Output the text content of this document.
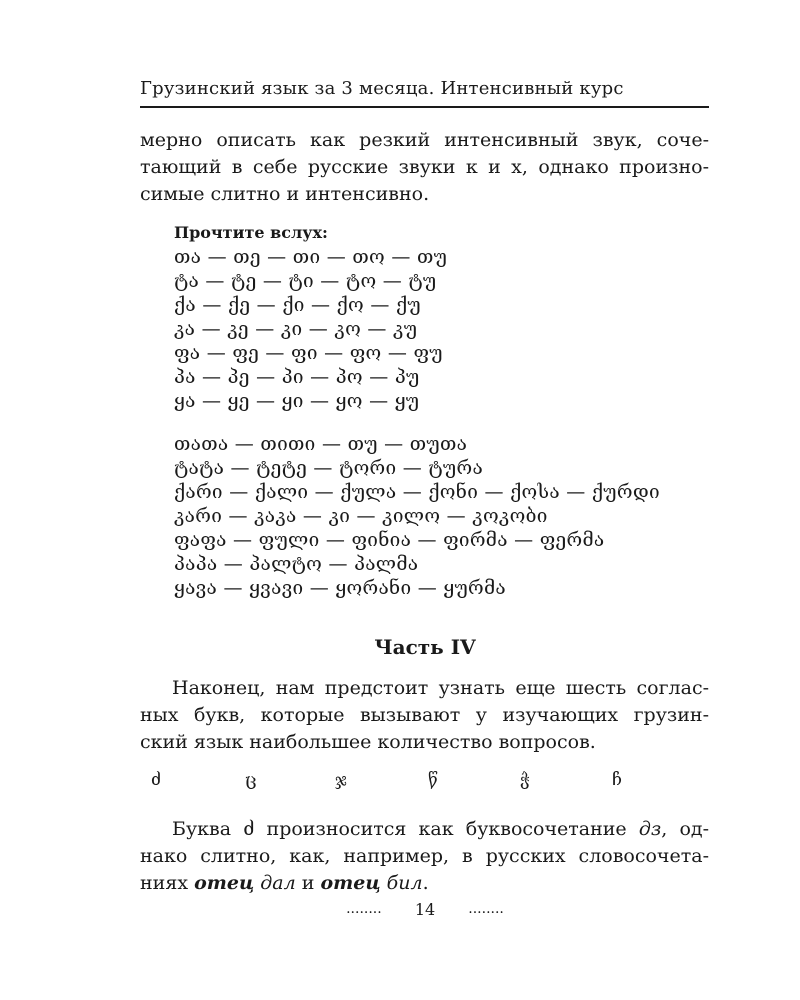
Грузинский язык за 3 месяца. Интенсивный курс
мерно описать как резкий интенсивный звук, соче-
тающий в себе русские звуки к и х, однако произно-
симые слитно и интенсивно.
Прочтите вслух:
თა — თე — თი — თო — თუ
ტა — ტე — ტი — ტო — ტუ
ქა — ქე — ქი — ქო — ქუ
კა — კე — კი — კო — კუ
ფა — ფე — ფი — ფო — ფუ
პა — პე — პი — პო — პუ
ყა — ყე — ყი — ყო — ყუ
თათა — თითი — თუ — თუთა
ტატა — ტეტე — ტორი — ტურა
ქარი — ქალი — ქულა — ქონი — ქოსა — ქურდი
კარი — კაკა — კი — კილო — კოკობი
ფაფა — ფული — ფინია — ფირმა — ფერმა
პაპა — პალტო — პალმა
ყავა — ყვავი — ყორანი — ყურმა
Часть IV
Наконец, нам предстоит узнать еще шесть соглас-
ных букв, которые вызывают у изучающих грузин-
ский язык наибольшее количество вопросов.
ძ	ც	ჯ	წ	ჭ	ჩ
Буква ძ произносится как буквосочетание дз, од-
нако слитно, как, например, в русских словосочета-
ниях отец дал и отец бил.
........ 14 ........
